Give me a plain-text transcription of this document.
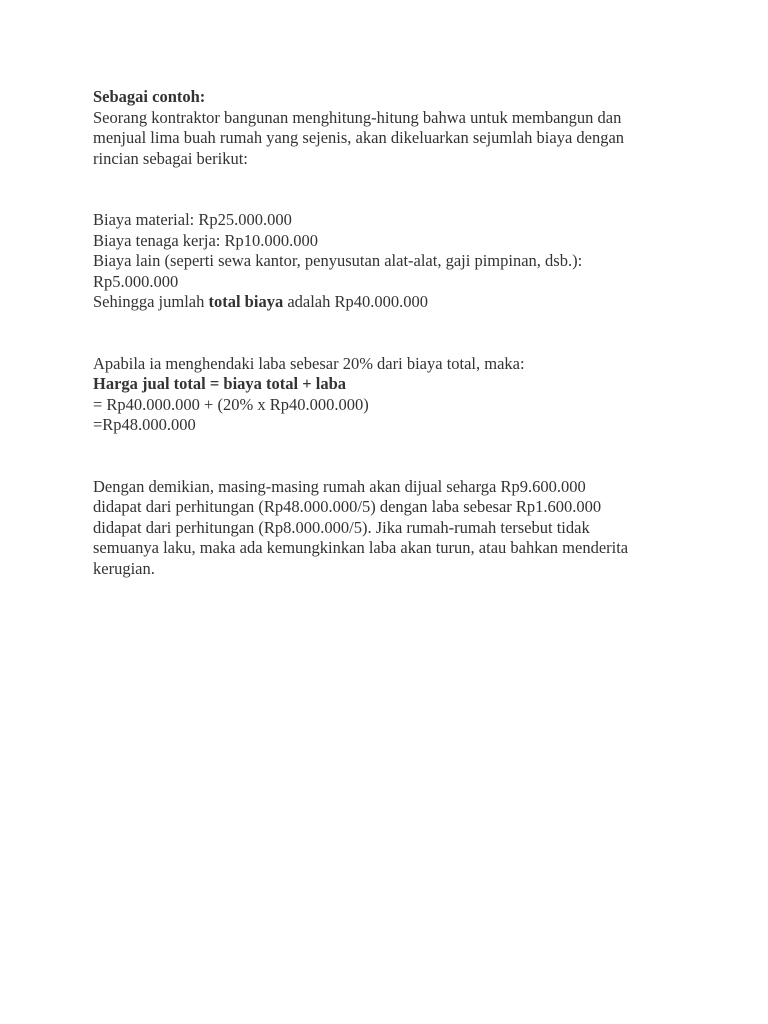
Sebagai contoh:
Seorang kontraktor bangunan menghitung-hitung bahwa untuk membangun dan
menjual lima buah rumah yang sejenis, akan dikeluarkan sejumlah biaya dengan
rincian sebagai berikut:
Biaya material: Rp25.000.000
Biaya tenaga kerja: Rp10.000.000
Biaya lain (seperti sewa kantor, penyusutan alat-alat, gaji pimpinan, dsb.):
Rp5.000.000
Sehingga jumlah total biaya adalah Rp40.000.000
Apabila ia menghendaki laba sebesar 20% dari biaya total, maka:
Harga jual total = biaya total + laba
= Rp40.000.000 + (20% x Rp40.000.000)
=Rp48.000.000
Dengan demikian, masing-masing rumah akan dijual seharga Rp9.600.000
didapat dari perhitungan (Rp48.000.000/5) dengan laba sebesar Rp1.600.000
didapat dari perhitungan (Rp8.000.000/5). Jika rumah-rumah tersebut tidak
semuanya laku, maka ada kemungkinkan laba akan turun, atau bahkan menderita
kerugian.
